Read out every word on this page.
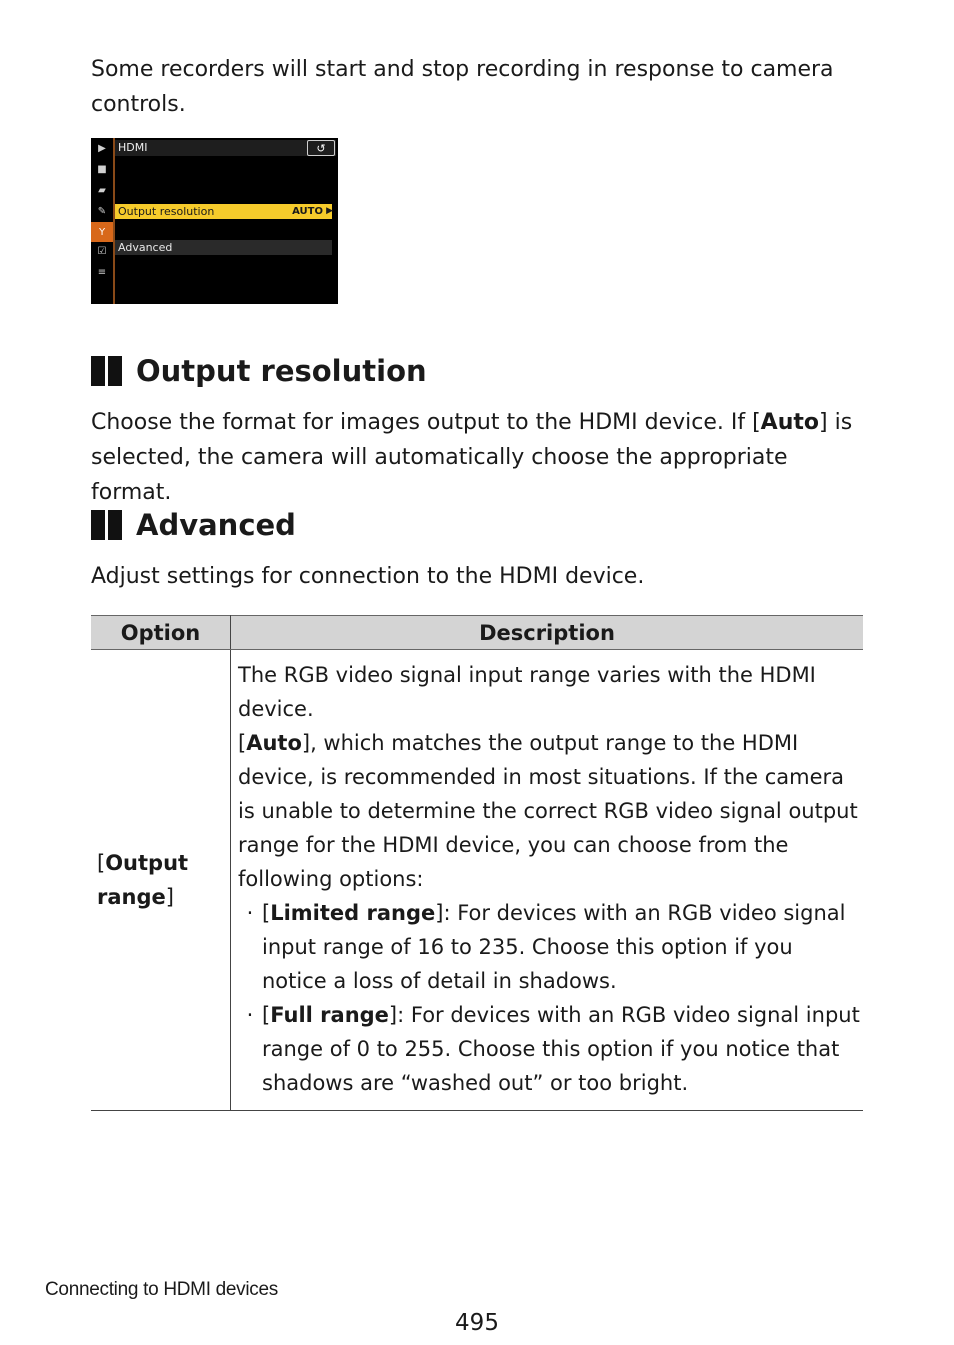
Some recorders will start and stop recording in response to camera controls.

▶
■
▰
✎
Y
☑
≡
HDMI	↺
Output resolution	AUTO ▶
Advanced
Output resolution

Choose the format for images output to the HDMI device. If [Auto] is selected, the camera will automatically choose the appropriate format.

Advanced

Adjust settings for connection to the HDMI device.

Option	Description
[Output range]	The RGB video signal input range varies with the HDMI device.

[Auto], which matches the output range to the HDMI device, is recommended in most situations. If the camera is unable to determine the correct RGB video signal output range for the HDMI device, you can choose from the following options:

· [Limited range]: For devices with an RGB video signal input range of 16 to 235. Choose this option if you notice a loss of detail in shadows.

· [Full range]: For devices with an RGB video signal input range of 0 to 255. Choose this option if you notice that shadows are “washed out” or too bright.

Connecting to HDMI devices
495
